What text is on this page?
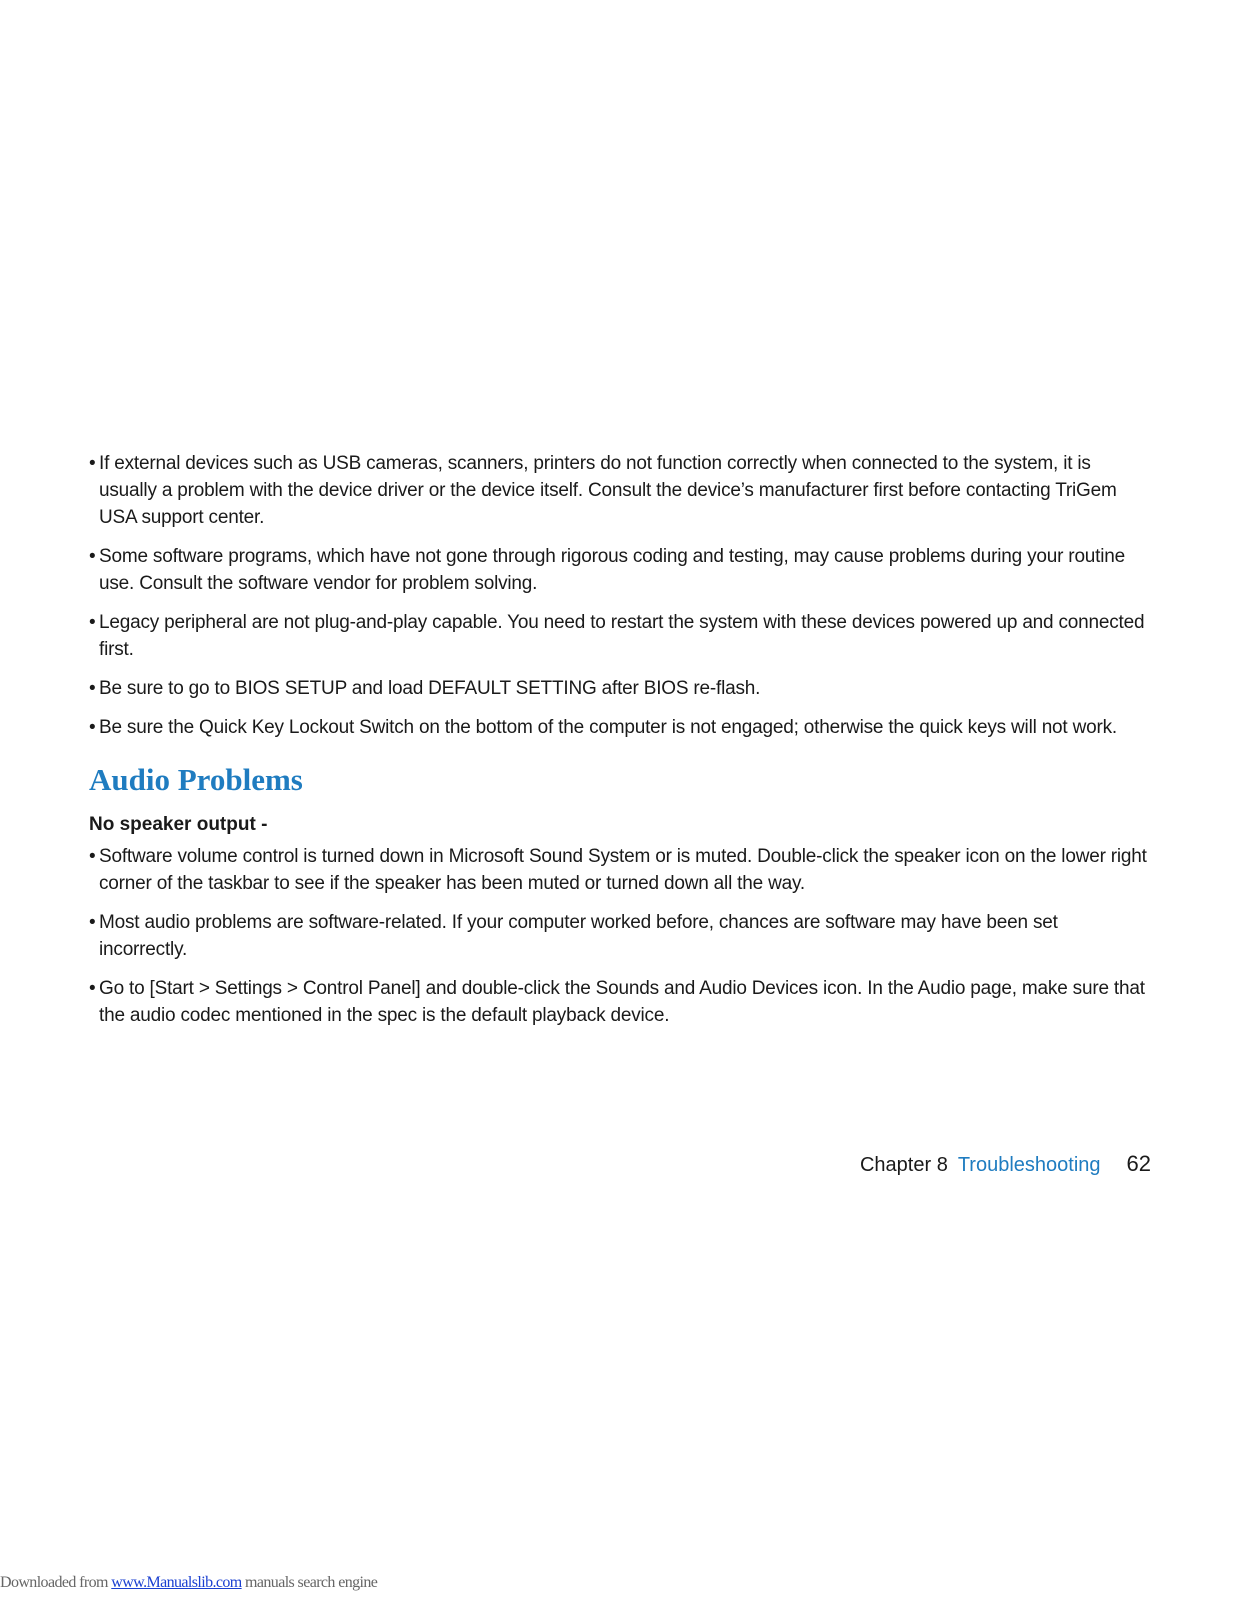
• If external devices such as USB cameras, scanners, printers do not function correctly when connected to the system, it is usually a problem with the device driver or the device itself. Consult the device’s manufacturer first before contacting TriGem USA support center.
• Some software programs, which have not gone through rigorous coding and testing, may cause problems during your routine use. Consult the software vendor for problem solving.
• Legacy peripheral are not plug-and-play capable. You need to restart the system with these devices powered up and connected first.
• Be sure to go to BIOS SETUP and load DEFAULT SETTING after BIOS re-flash.
• Be sure the Quick Key Lockout Switch on the bottom of the computer is not engaged; otherwise the quick keys will not work.
Audio Problems
No speaker output -
• Software volume control is turned down in Microsoft Sound System or is muted. Double-click the speaker icon on the lower right corner of the taskbar to see if the speaker has been muted or turned down all the way.
• Most audio problems are software-related. If your computer worked before, chances are software may have been set incorrectly.
• Go to [Start > Settings > Control Panel] and double-click the Sounds and Audio Devices icon. In the Audio page, make sure that the audio codec mentioned in the spec is the default playback device.
Chapter 8 Troubleshooting 62
Downloaded from www.Manualslib.com manuals search engine
